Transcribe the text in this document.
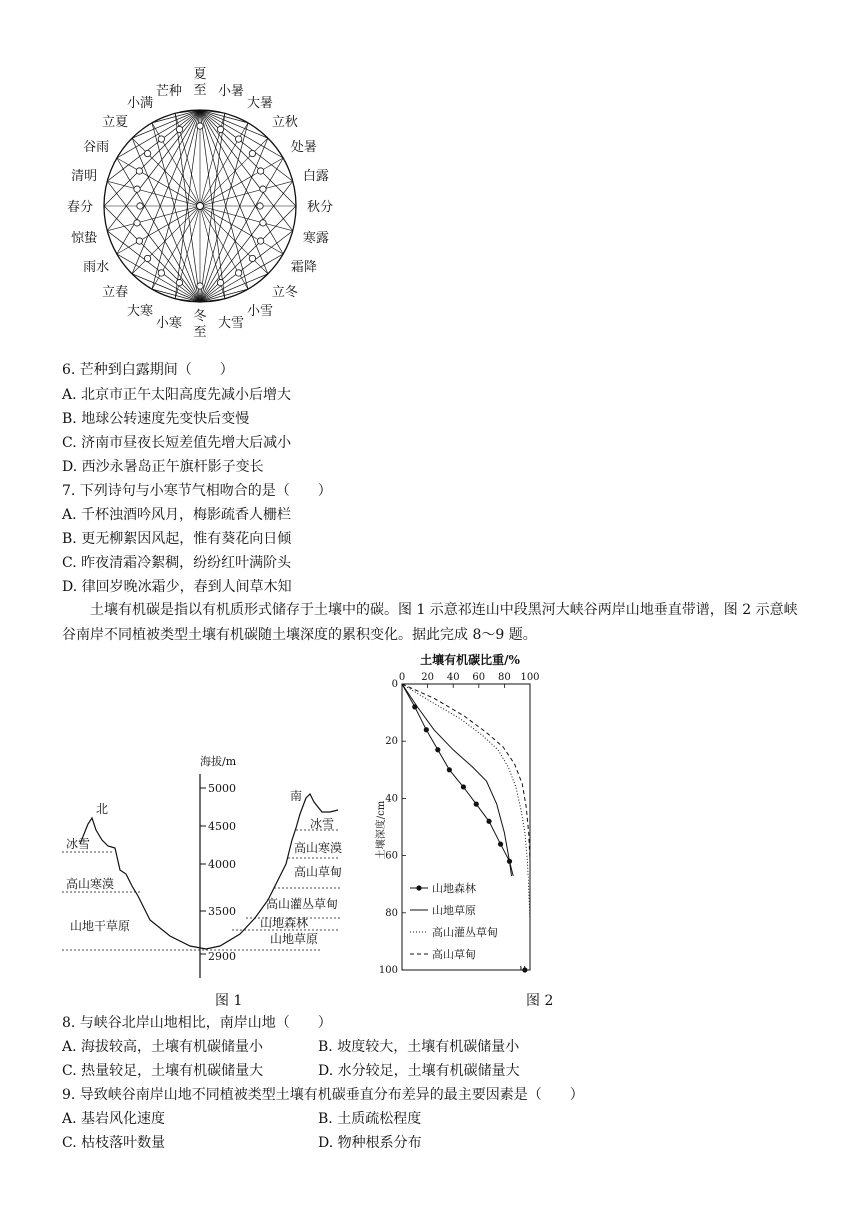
夏至 小暑
大暑
立秋
处暑
白露
秋分
寒露
霜降
立冬
小雪
大雪
冬至
小寒
大寒
立春
雨水
惊蛰
春分
清明
谷雨
立夏
小满
芒种
6. 芒种到白露期间（　　）
A. 北京市正午太阳高度先减小后增大
B. 地球公转速度先变快后变慢
C. 济南市昼夜长短差值先增大后减小
D. 西沙永暑岛正午旗杆影子变长
7. 下列诗句与小寒节气相吻合的是（　　）
A. 千杯浊酒吟风月，梅影疏香人栅栏
B. 更无柳絮因风起，惟有葵花向日倾
C. 昨夜清霜冷絮稠，纷纷红叶满阶头
D. 律回岁晚冰霜少，春到人间草木知
土壤有机碳是指以有机质形式储存于土壤中的碳。图 1 示意祁连山中段黑河大峡谷两岸山地垂直带谱，图 2 示意峡谷南岸不同植被类型土壤有机碳随土壤深度的累积变化。据此完成 8～9 题。
海拔/m
5000
4500
4000
3500
2900
北
冰雪
高山寒漠
山地干草原
南
冰雪
高山寒漠
高山草甸
高山灌丛草甸
山地森林
山地草原
图 1
土壤有机碳比重/%
土壤深度/cm
0 20 40 60 80 100
0
20
40
60
80
100
山地森林
山地草原
高山灌丛草甸
高山草甸
图 2
8. 与峡谷北岸山地相比，南岸山地（　　）
A. 海拔较高，土壤有机碳储量小	B. 坡度较大，土壤有机碳储量小
C. 热量较足，土壤有机碳储量大	D. 水分较足，土壤有机碳储量大
9. 导致峡谷南岸山地不同植被类型土壤有机碳垂直分布差异的最主要因素是（　　）
A. 基岩风化速度	B. 土质疏松程度
C. 枯枝落叶数量	D. 物种根系分布
